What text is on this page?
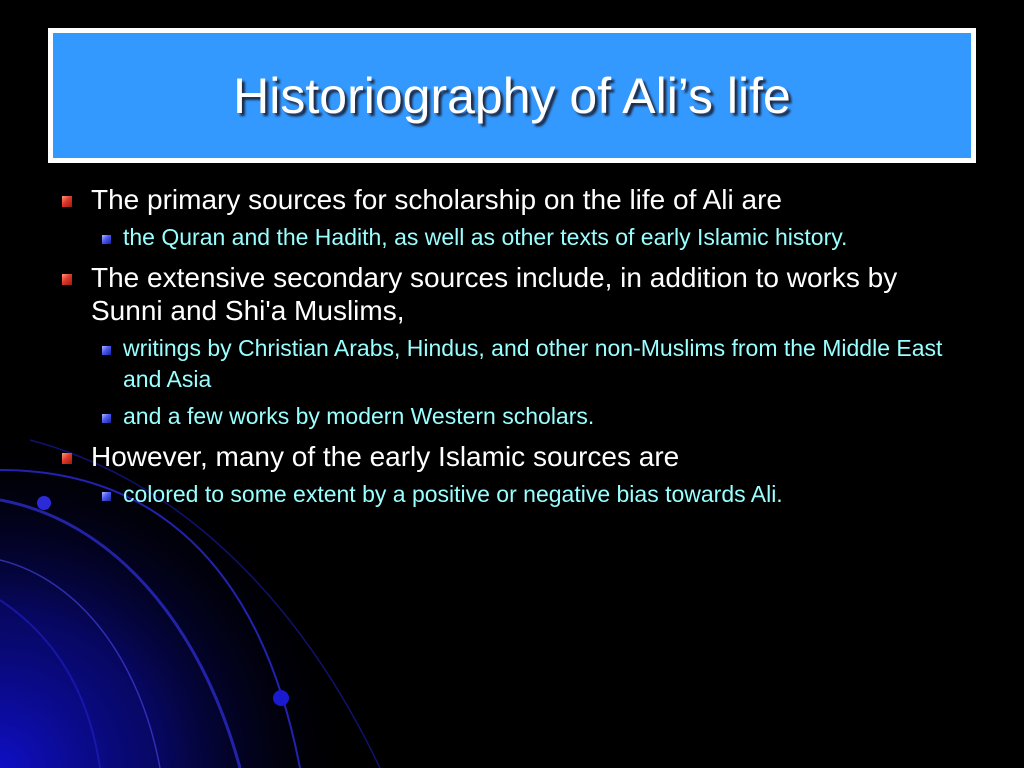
Historiography of Ali’s life
The primary sources for scholarship on the life of Ali are
the Quran and the Hadith, as well as other texts of early Islamic history.
The extensive secondary sources include, in addition to works by Sunni and Shi'a Muslims,
writings by Christian Arabs, Hindus, and other non-Muslims from the Middle East and Asia
and a few works by modern Western scholars.
However, many of the early Islamic sources are
colored to some extent by a positive or negative bias towards Ali.
